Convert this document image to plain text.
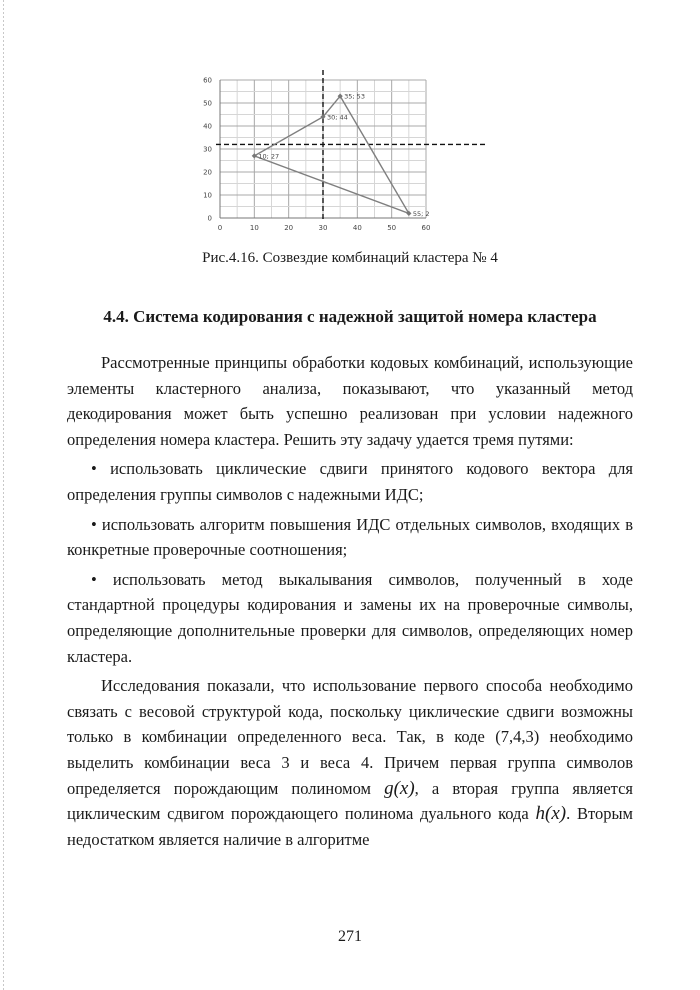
0	10	20	30	40	50	60
0
10
20
30
40
50
60
10; 27
30; 44
35; 53
55; 2
Рис.4.16. Созвездие комбинаций кластера № 4
4.4. Система кодирования с надежной защитой номера кластера

Рассмотренные принципы обработки кодовых комбинаций, использующие элементы кластерного анализа, показывают, что указанный метод декодирования может быть успешно реализован при условии надежного определения номера кластера. Решить эту задачу удается тремя путями:

• использовать циклические сдвиги принятого кодового вектора для определения группы символов с надежными ИДС;

• использовать алгоритм повышения ИДС отдельных символов, входящих в конкретные проверочные соотношения;

• использовать метод выкалывания символов, полученный в ходе стандартной процедуры кодирования и замены их на проверочные символы, определяющие дополнительные проверки для символов, определяющих номер кластера.

Исследования показали, что использование первого способа необходимо связать с весовой структурой кода, поскольку циклические сдвиги возможны только в комбинации определенного веса. Так, в коде (7,4,3) необходимо выделить комбинации веса 3 и веса 4. Причем первая группа символов определяется порождающим полиномом g(x), а вторая группа является циклическим сдвигом порождающего полинома дуального кода h(x). Вторым недостатком является наличие в алгоритме

271
